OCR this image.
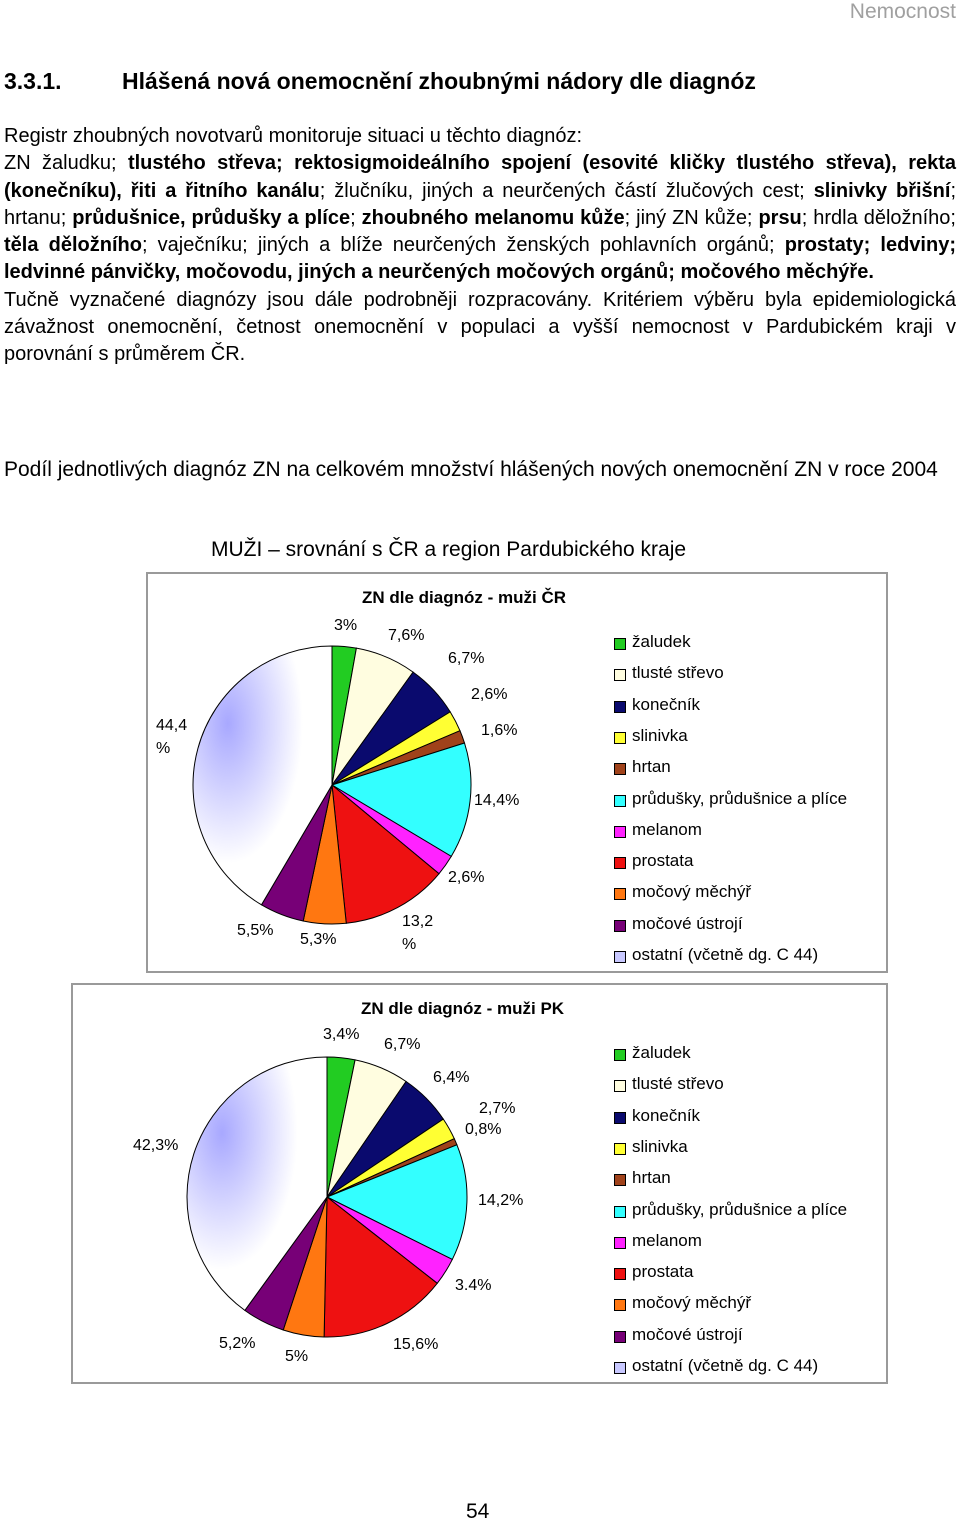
Nemocnost
3.3.1.	Hlášená nová onemocnění zhoubnými nádory dle diagnóz
Registr zhoubných novotvarů monitoruje situaci u těchto diagnóz:
ZN žaludku; tlustého střeva; rektosigmoideálního spojení (esovité kličky tlustého střeva), rekta (konečníku), řiti a řitního kanálu; žlučníku, jiných a neurčených částí žlučových cest; slinivky břišní; hrtanu; průdušnice, průdušky a plíce; zhoubného melanomu kůže; jiný ZN kůže; prsu; hrdla děložního; těla děložního; vaječníku; jiných a blíže neurčených ženských pohlavních orgánů; prostaty; ledviny; ledvinné pánvičky, močovodu, jiných a neurčených močových orgánů; močového měchýře.
Tučně vyznačené diagnózy jsou dále podrobněji rozpracovány. Kritériem výběru byla epidemiologická závažnost onemocnění, četnost onemocnění v populaci a vyšší nemocnost v Pardubickém kraji v porovnání s průměrem ČR.
Podíl jednotlivých diagnóz ZN na celkovém množství hlášených nových onemocnění ZN v roce 2004
MUŽI – srovnání s ČR a region Pardubického kraje
ZN dle diagnóz - muži ČR
3%
7,6%
6,7%
2,6%
1,6%
14,4%
2,6%
13,2
%
5,3%
5,5%
44,4
%
žaludek
tlusté střevo
konečník
slinivka
hrtan
průdušky, průdušnice a plíce
melanom
prostata
močový měchýř
močové ústrojí
ostatní (včetně dg. C 44)
ZN dle diagnóz - muži PK
3,4%
6,7%
6,4%
2,7%
0,8%
14,2%
3.4%
15,6%
5%
5,2%
42,3%
žaludek
tlusté střevo
konečník
slinivka
hrtan
průdušky, průdušnice a plíce
melanom
prostata
močový měchýř
močové ústrojí
ostatní (včetně dg. C 44)
54
